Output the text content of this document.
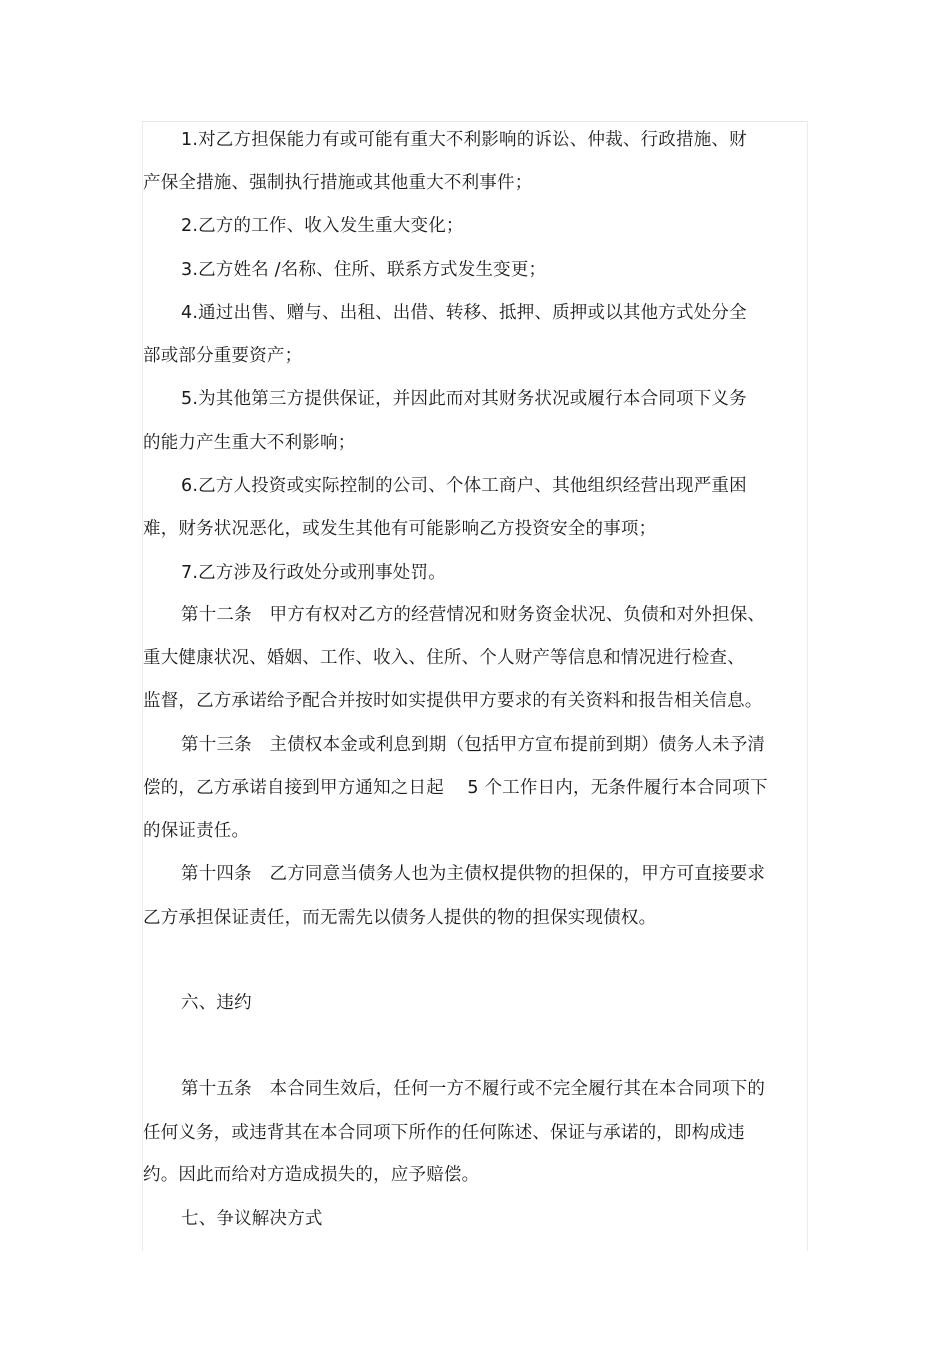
1.对乙方担保能力有或可能有重大不利影响的诉讼、仲裁、行政措施、财
产保全措施、强制执行措施或其他重大不利事件；
2.乙方的工作、收入发生重大变化；
3.乙方姓名 /名称、住所、联系方式发生变更；
4.通过出售、赠与、出租、出借、转移、抵押、质押或以其他方式处分全
部或部分重要资产；
5.为其他第三方提供保证，并因此而对其财务状况或履行本合同项下义务
的能力产生重大不利影响；
6.乙方人投资或实际控制的公司、个体工商户、其他组织经营出现严重困
难，财务状况恶化，或发生其他有可能影响乙方投资安全的事项；
7.乙方涉及行政处分或刑事处罚。
第十二条　甲方有权对乙方的经营情况和财务资金状况、负债和对外担保、
重大健康状况、婚姻、工作、收入、住所、个人财产等信息和情况进行检查、
监督，乙方承诺给予配合并按时如实提供甲方要求的有关资料和报告相关信息。
第十三条　主债权本金或利息到期（包括甲方宣布提前到期）债务人未予清
偿的，乙方承诺自接到甲方通知之日起　 5 个工作日内，无条件履行本合同项下
的保证责任。
第十四条　乙方同意当债务人也为主债权提供物的担保的，甲方可直接要求
乙方承担保证责任，而无需先以债务人提供的物的担保实现债权。
六、违约
第十五条　本合同生效后，任何一方不履行或不完全履行其在本合同项下的
任何义务，或违背其在本合同项下所作的任何陈述、保证与承诺的，即构成违
约。因此而给对方造成损失的，应予赔偿。
七、争议解决方式
